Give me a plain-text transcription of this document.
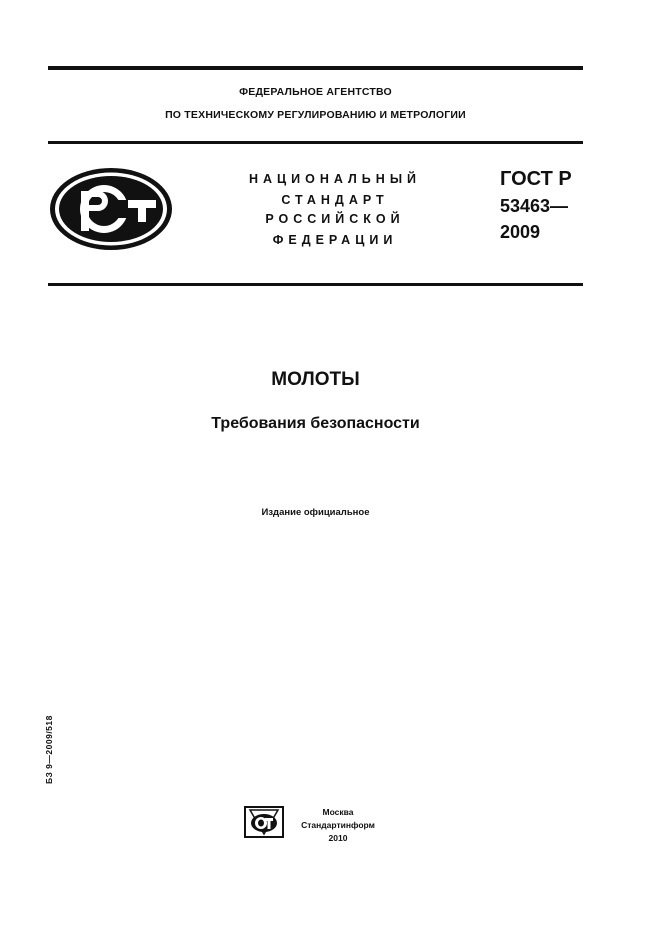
ФЕДЕРАЛЬНОЕ АГЕНТСТВО
ПО ТЕХНИЧЕСКОМУ РЕГУЛИРОВАНИЮ И МЕТРОЛОГИИ
НАЦИОНАЛЬНЫЙ
СТАНДАРТ
РОССИЙСКОЙ
ФЕДЕРАЦИИ
ГОСТ Р
53463—
2009
МОЛОТЫ
Требования безопасности
Издание официальное
БЗ 9—2009/518
Москва
Стандартинформ
2010
